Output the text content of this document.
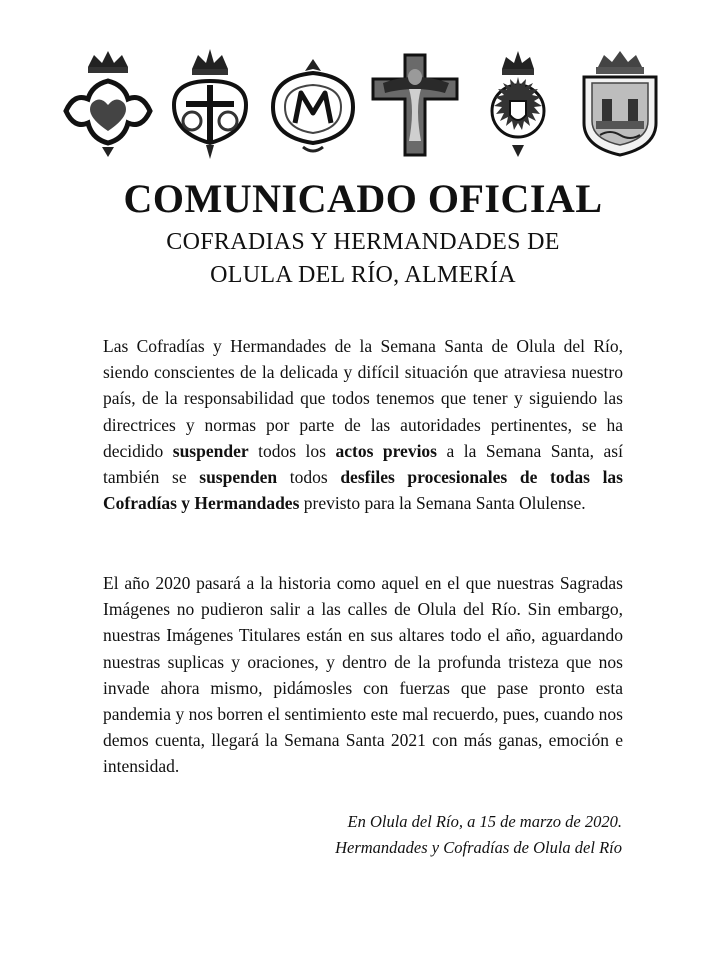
COMUNICADO OFICIAL

COFRADIAS Y HERMANDADES DE

OLULA DEL RÍO, ALMERÍA

Las Cofradías y Hermandades de la Semana Santa de Olula del Río, siendo conscientes de la delicada y difícil situación que atraviesa nuestro país, de la responsabilidad que todos tenemos que tener y siguiendo las directrices y normas por parte de las autoridades pertinentes, se ha decidido suspender todos los actos previos a la Semana Santa, así también se suspenden todos desfiles procesionales de todas las Cofradías y Hermandades previsto para la Semana Santa Olulense.
El año 2020 pasará a la historia como aquel en el que nuestras Sagradas Imágenes no pudieron salir a las calles de Olula del Río. Sin embargo, nuestras Imágenes Titulares están en sus altares todo el año, aguardando nuestras suplicas y oraciones, y dentro de la profunda tristeza que nos invade ahora mismo, pidámosles con fuerzas que pase pronto esta pandemia y nos borren el sentimiento este mal recuerdo, pues, cuando nos demos cuenta, llegará la Semana Santa 2021 con más ganas, emoción e intensidad.

En Olula del Río, a 15 de marzo de 2020.

Hermandades y Cofradías de Olula del Río
